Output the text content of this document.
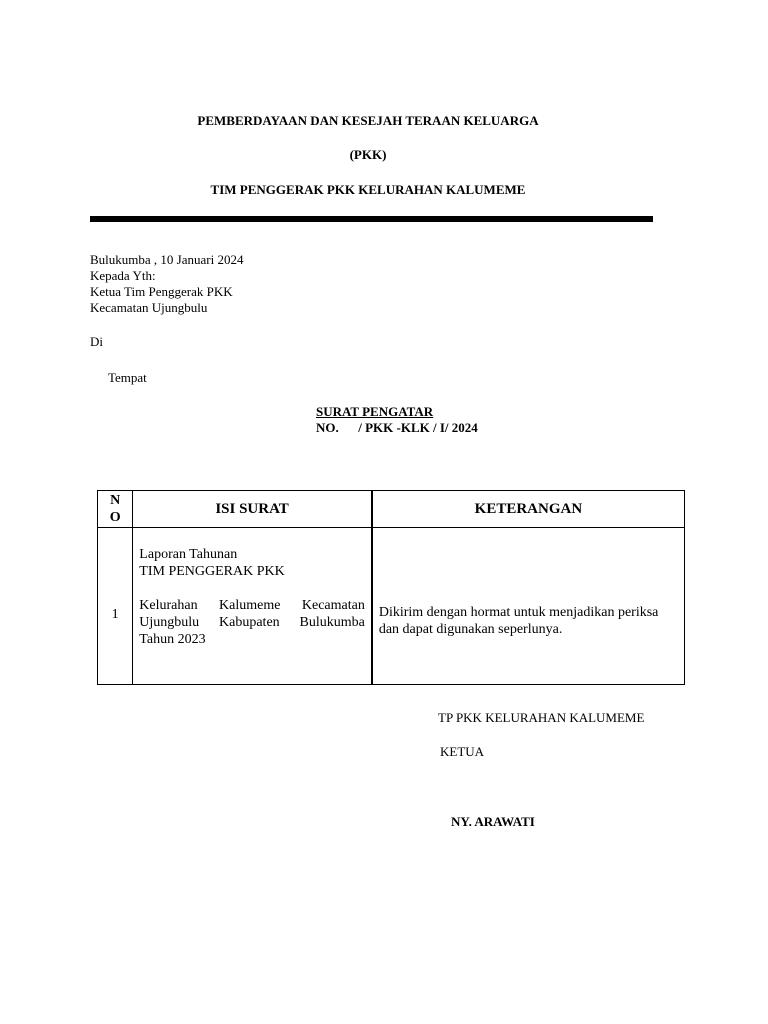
PEMBERDAYAAN DAN KESEJAH TERAAN KELUARGA
(PKK)
TIM PENGGERAK PKK KELURAHAN KALUMEME
Bulukumba , 10 Januari 2024
Kepada Yth:
Ketua Tim Penggerak PKK
Kecamatan Ujungbulu
Di
Tempat
SURAT PENGATAR
NO.      / PKK -KLK / I/ 2024
N
O	ISI SURAT	KETERANGAN
1	Laporan Tahunan
TIM PENGGERAK PKK
Kelurahan Kalumeme Kecamatan Ujungbulu Kabupaten Bulukumba Tahun 2023	Dikirim dengan hormat untuk menjadikan periksa dan dapat digunakan seperlunya.
TP PKK KELURAHAN KALUMEME
KETUA
NY. ARAWATI
